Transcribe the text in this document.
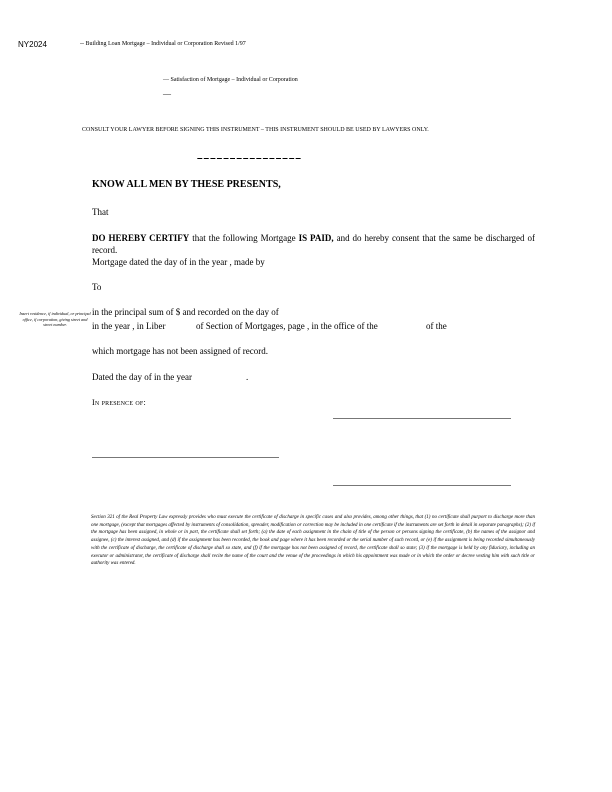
NY2024	-- Building Loan Mortgage – Individual or Corporation Revised 1/97
— Satisfaction of Mortgage – Individual or Corporation
—
CONSULT YOUR LAWYER BEFORE SIGNING THIS INSTRUMENT – THIS INSTRUMENT SHOULD BE USED BY LAWYERS ONLY.
––––––––––––––––
KNOW ALL MEN BY THESE PRESENTS,
That
DO HEREBY CERTIFY that the following Mortgage IS PAID, and do hereby consent that the same be discharged of record.
Mortgage dated the day of in the year , made by
To
in the principal sum of $ and recorded on the day of
in the year , in Liber	of Section of Mortgages, page , in the office of the	of the
Insert residence, if individual, or principal office, if corporation, giving street and street number.
which mortgage has not been assigned of record.
Dated the day of in the year	.
In presence of:
Section 321 of the Real Property Law expressly provides who must execute the certificate of discharge in specific cases and also provides, among other things, that (1) no certificate shall purport to discharge more than one mortgage, (except that mortgages affected by instruments of consolidation, spreader, modification or correction may be included in one certificate if the instruments are set forth in detail in separate paragraphs); (2) if the mortgage has been assigned, in whole or in part, the certificate shall set forth; (a) the date of each assignment in the chain of title of the person or persons signing the certificate, (b) the names of the assignor and assignee, (c) the interest assigned, and (d) if the assignment has been recorded, the book and page where it has been recorded or the serial number of such record, or (e) if the assignment is being recorded simultaneously with the certificate of discharge, the certificate of discharge shall so state, and (f) if the mortgage has not been assigned of record, the certificate shall so state; (3) if the mortgage is held by any fiduciary, including an executor or administrator, the certificate of discharge shall recite the name of the court and the venue of the proceedings in which his appointment was made or in which the order or decree vesting him with such title or authority was entered.
